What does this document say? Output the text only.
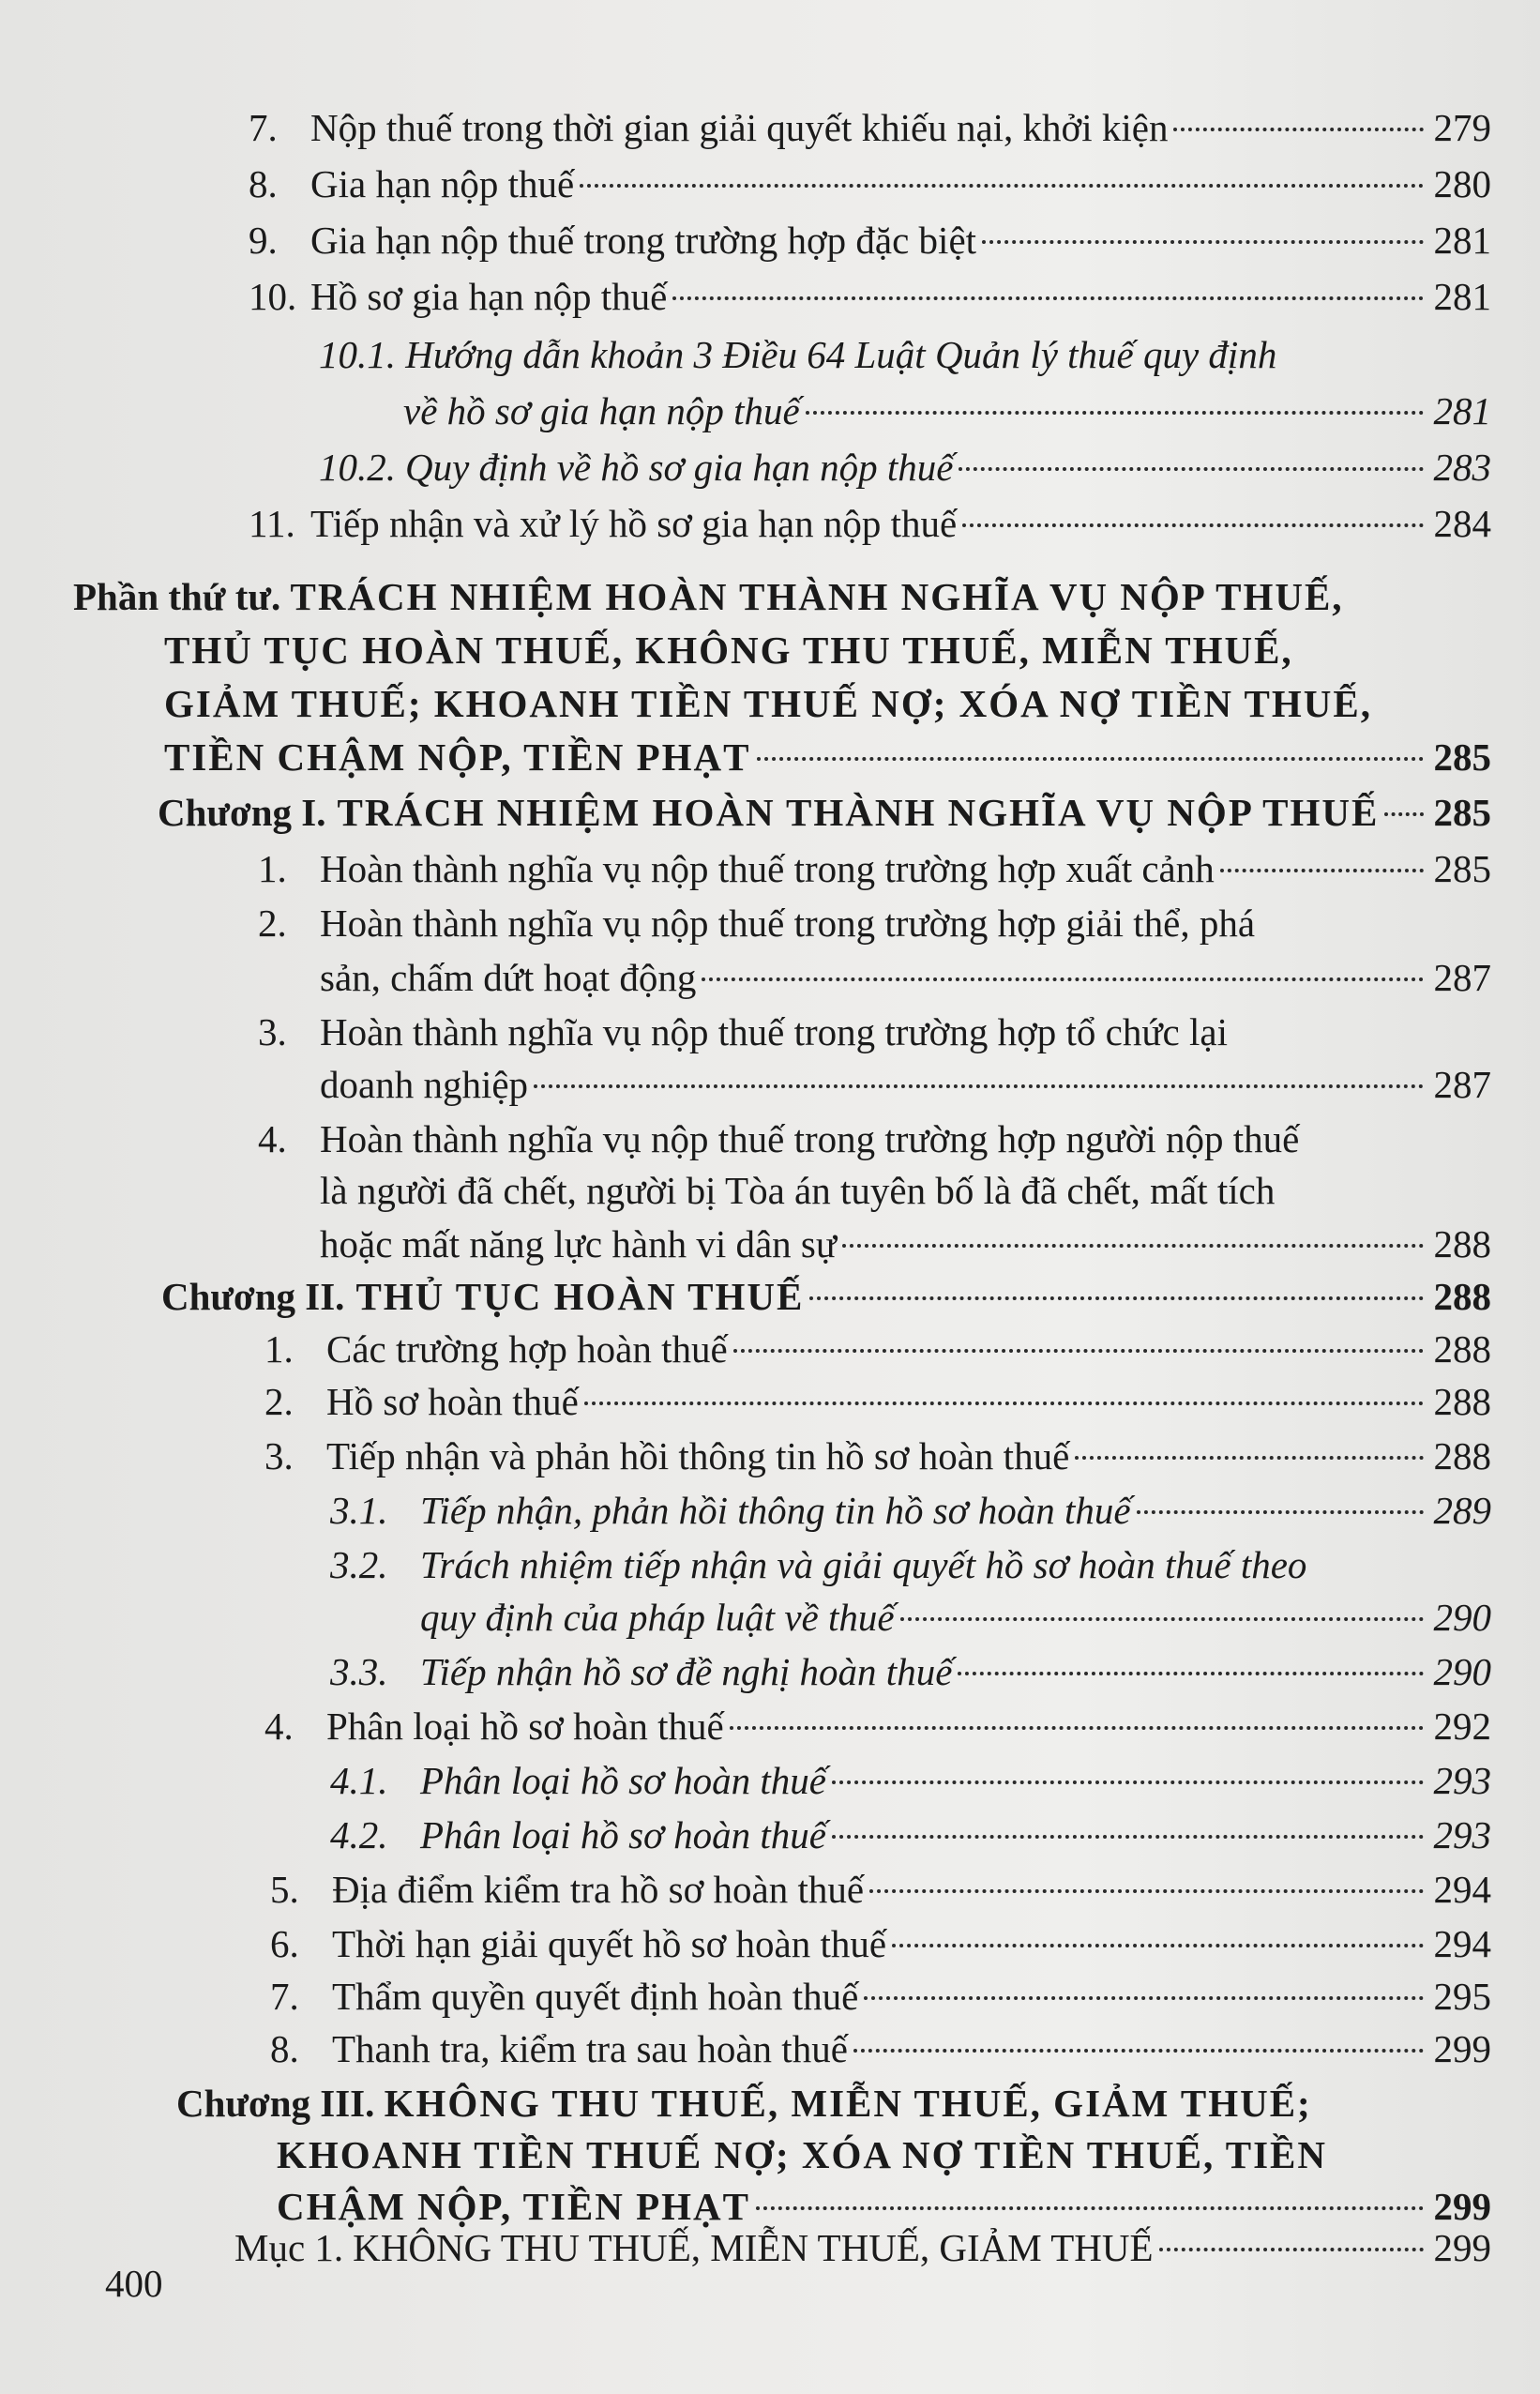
7. Nộp thuế trong thời gian giải quyết khiếu nại, khởi kiện	279
8. Gia hạn nộp thuế	280
9. Gia hạn nộp thuế trong trường hợp đặc biệt	281
10. Hồ sơ gia hạn nộp thuế	281
10.1. Hướng dẫn khoản 3 Điều 64 Luật Quản lý thuế quy định
về hồ sơ gia hạn nộp thuế	281
10.2. Quy định về hồ sơ gia hạn nộp thuế	283
11. Tiếp nhận và xử lý hồ sơ gia hạn nộp thuế	284
Phần thứ tư. TRÁCH NHIỆM HOÀN THÀNH NGHĨA VỤ NỘP THUẾ,
THỦ TỤC HOÀN THUẾ, KHÔNG THU THUẾ, MIỄN THUẾ,
GIẢM THUẾ; KHOANH TIỀN THUẾ NỢ; XÓA NỢ TIỀN THUẾ,
TIỀN CHẬM NỘP, TIỀN PHẠT	285
Chương I. TRÁCH NHIỆM HOÀN THÀNH NGHĨA VỤ NỘP THUẾ 285
1. Hoàn thành nghĩa vụ nộp thuế trong trường hợp xuất cảnh	285
2. Hoàn thành nghĩa vụ nộp thuế trong trường hợp giải thể, phá
sản, chấm dứt hoạt động	287
3. Hoàn thành nghĩa vụ nộp thuế trong trường hợp tổ chức lại
doanh nghiệp	287
4. Hoàn thành nghĩa vụ nộp thuế trong trường hợp người nộp thuế
là người đã chết, người bị Tòa án tuyên bố là đã chết, mất tích
hoặc mất năng lực hành vi dân sự	288
Chương II. THỦ TỤC HOÀN THUẾ	288
1. Các trường hợp hoàn thuế	288
2. Hồ sơ hoàn thuế	288
3. Tiếp nhận và phản hồi thông tin hồ sơ hoàn thuế	288
3.1. Tiếp nhận, phản hồi thông tin hồ sơ hoàn thuế	289
3.2. Trách nhiệm tiếp nhận và giải quyết hồ sơ hoàn thuế theo
quy định của pháp luật về thuế	290
3.3. Tiếp nhận hồ sơ đề nghị hoàn thuế	290
4. Phân loại hồ sơ hoàn thuế	292
4.1. Phân loại hồ sơ hoàn thuế	293
4.2. Phân loại hồ sơ hoàn thuế	293
5. Địa điểm kiểm tra hồ sơ hoàn thuế	294
6. Thời hạn giải quyết hồ sơ hoàn thuế	294
7. Thẩm quyền quyết định hoàn thuế	295
8. Thanh tra, kiểm tra sau hoàn thuế	299
Chương III. KHÔNG THU THUẾ, MIỄN THUẾ, GIẢM THUẾ;
KHOANH TIỀN THUẾ NỢ; XÓA NỢ TIỀN THUẾ, TIỀN
CHẬM NỘP, TIỀN PHẠT	299
Mục 1. KHÔNG THU THUẾ, MIỄN THUẾ, GIẢM THUẾ	299
400
